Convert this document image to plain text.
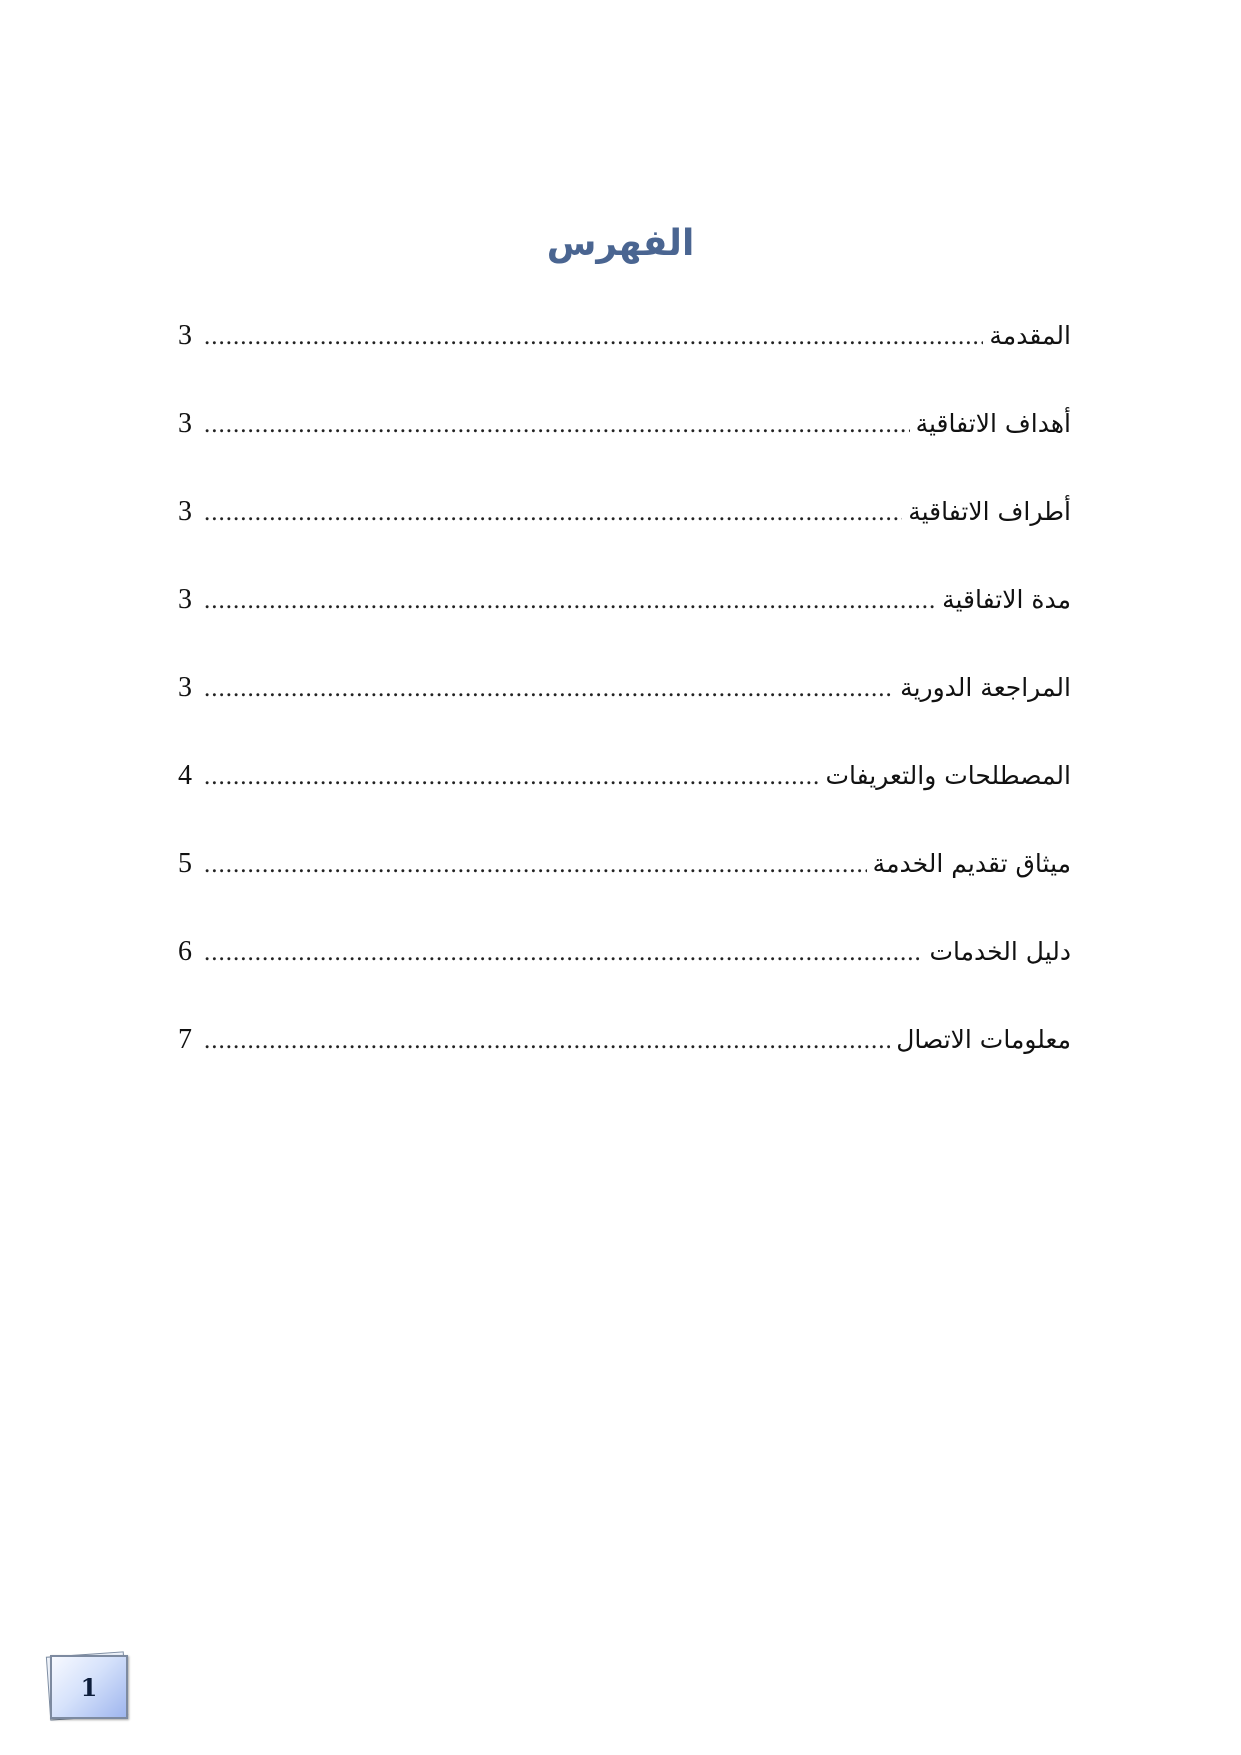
الفهرس
المقدمة
.....
3
أهداف الاتفاقية
.....
3
أطراف الاتفاقية
.....
3
مدة الاتفاقية
.....
3
المراجعة الدورية
.....
3
المصطلحات والتعريفات
.....
4
ميثاق تقديم الخدمة
.....
5
دليل الخدمات
.....
6
معلومات الاتصال
.....
7
1
